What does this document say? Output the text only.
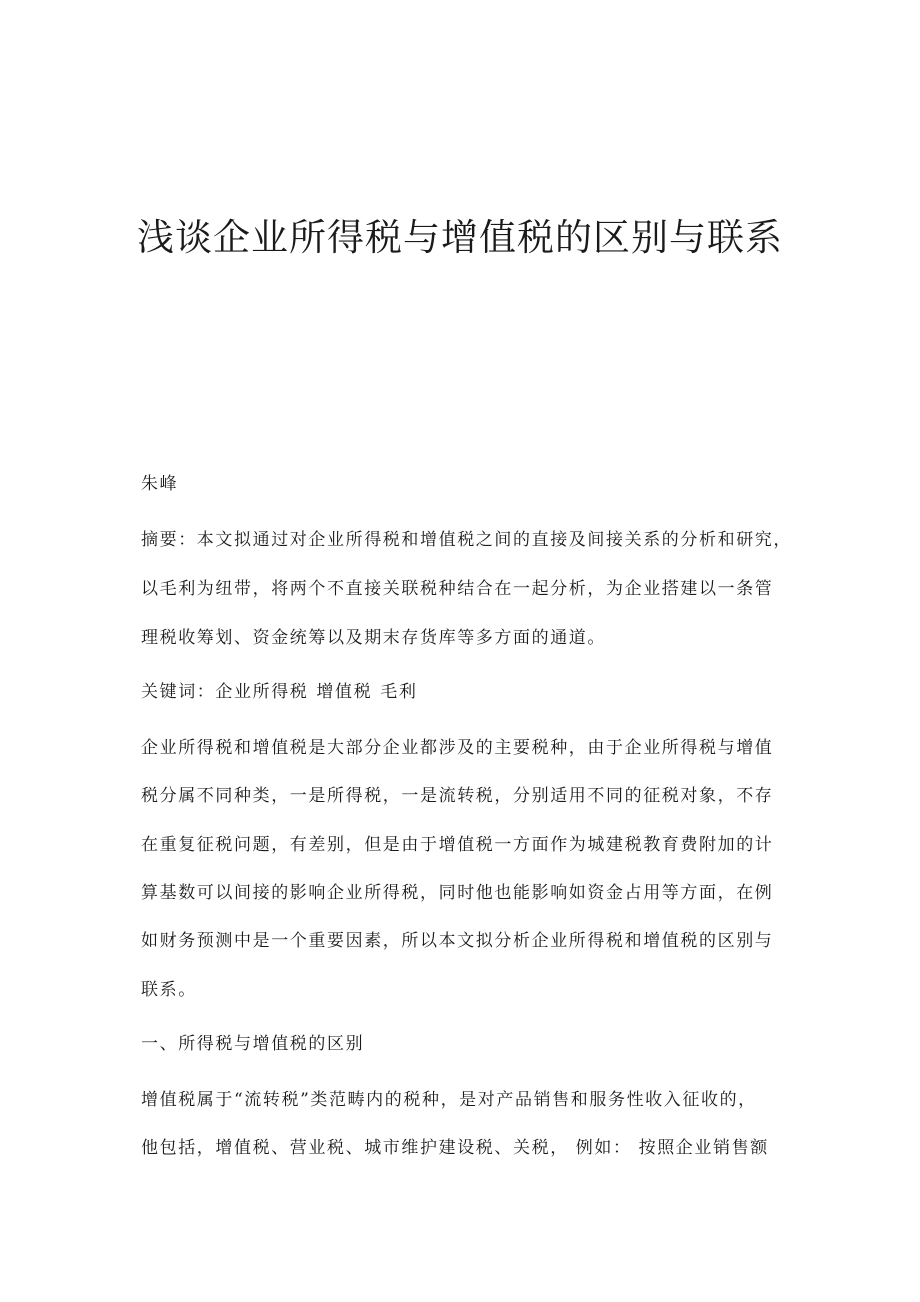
浅谈企业所得税与增值税的区别与联系

朱峰

摘要：本文拟通过对企业所得税和增值税之间的直接及间接关系的分析和研究，

以毛利为纽带，将两个不直接关联税种结合在一起分析，为企业搭建以一条管

理税收筹划、资金统筹以及期末存货库等多方面的通道。

关键词：企业所得税 增值税 毛利

企业所得税和增值税是大部分企业都涉及的主要税种，由于企业所得税与增值

税分属不同种类，一是所得税，一是流转税，分别适用不同的征税对象，不存

在重复征税问题，有差别，但是由于增值税一方面作为城建税教育费附加的计

算基数可以间接的影响企业所得税，同时他也能影响如资金占用等方面，在例

如财务预测中是一个重要因素，所以本文拟分析企业所得税和增值税的区别与

联系。

一、所得税与增值税的区别

增值税属于“流转税”类范畴内的税种，是对产品销售和服务性收入征收的，

他包括，增值税、营业税、城市维护建设税、关税， 例如： 按照企业销售额
